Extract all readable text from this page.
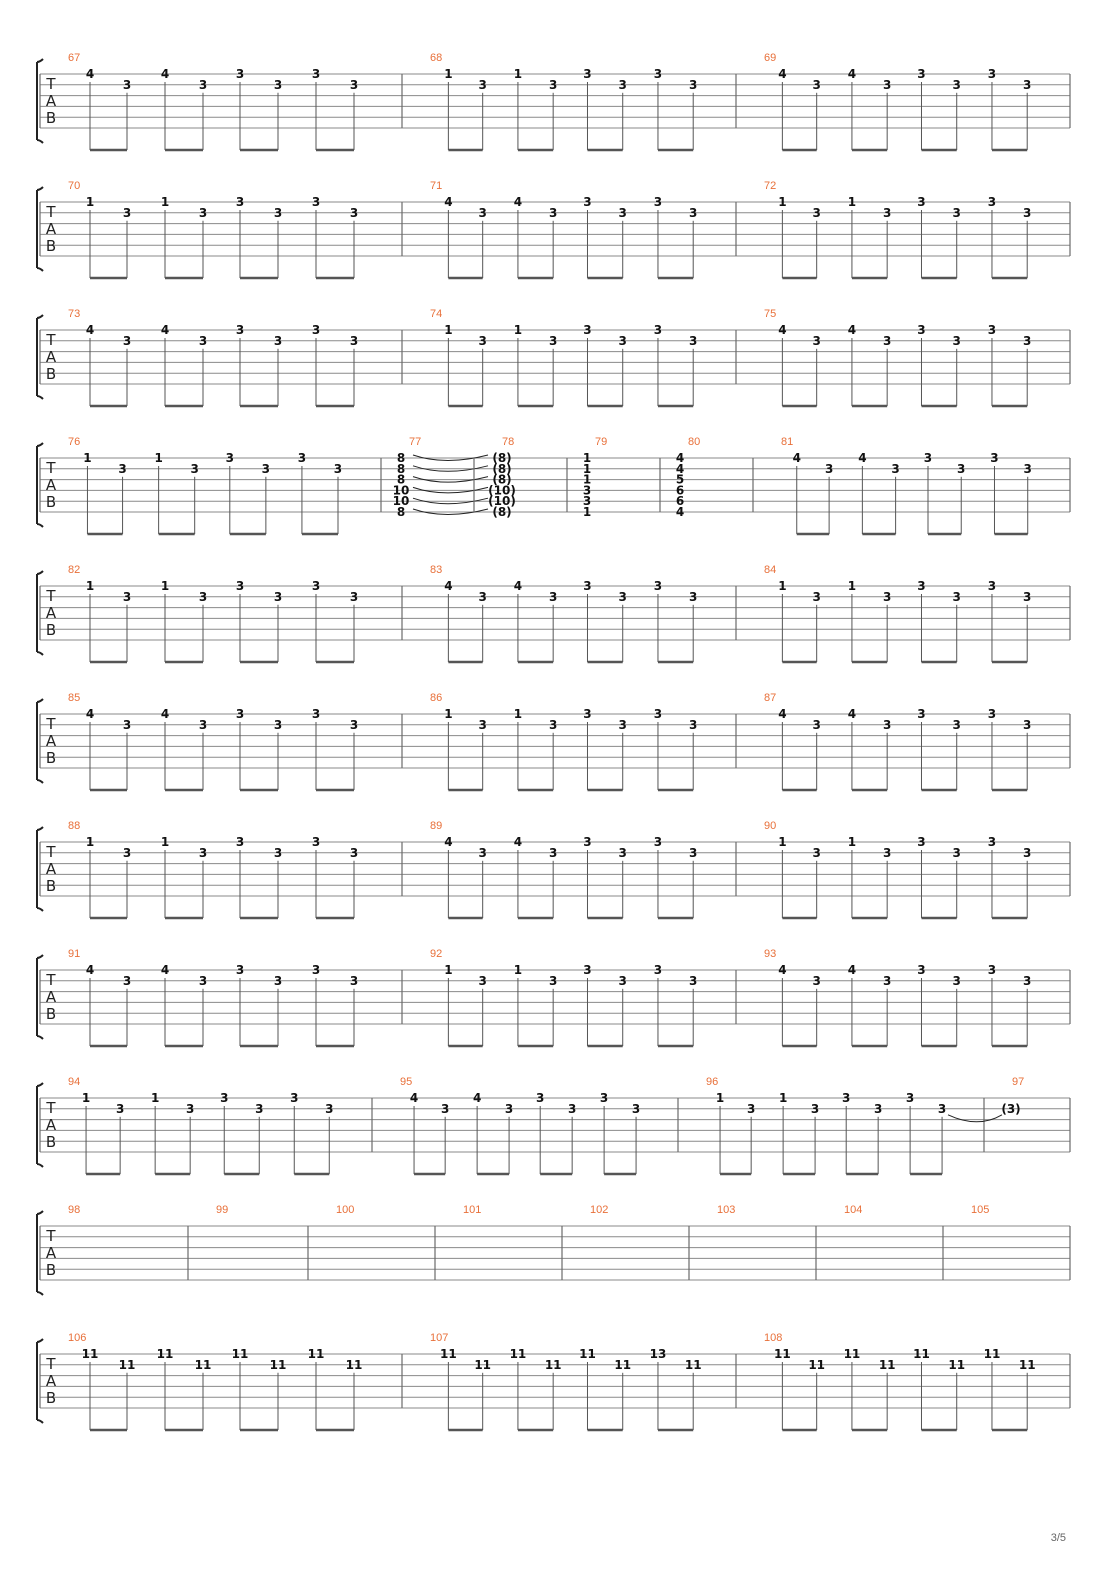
T
A
B
67
4
3
4
3
3
3
3
3
68
1
3
1
3
3
3
3
3
69
4
3
4
3
3
3
3
3
T
A
B
70
1
3
1
3
3
3
3
3
71
4
3
4
3
3
3
3
3
72
1
3
1
3
3
3
3
3
T
A
B
73
4
3
4
3
3
3
3
3
74
1
3
1
3
3
3
3
3
75
4
3
4
3
3
3
3
3
T
A
B
76
1
3
1
3
3
3
3
3
77
8
8
8
10
10
8
78
(8)
(8)
(8)
(10)
(10)
(8)
79
1
1
1
3
3
1
80
4
4
5
6
6
4
81
4
3
4
3
3
3
3
3
T
A
B
82
1
3
1
3
3
3
3
3
83
4
3
4
3
3
3
3
3
84
1
3
1
3
3
3
3
3
T
A
B
85
4
3
4
3
3
3
3
3
86
1
3
1
3
3
3
3
3
87
4
3
4
3
3
3
3
3
T
A
B
88
1
3
1
3
3
3
3
3
89
4
3
4
3
3
3
3
3
90
1
3
1
3
3
3
3
3
T
A
B
91
4
3
4
3
3
3
3
3
92
1
3
1
3
3
3
3
3
93
4
3
4
3
3
3
3
3
T
A
B
94
1
3
1
3
3
3
3
3
95
4
3
4
3
3
3
3
3
96
1
3
1
3
3
3
3
3
97
(3)
T
A
B
98	99	100	101	102	103	104	105
T
A
B
106
11
11
11
11
11
11
11
11
107
11
11
11
11
11
11
13
11
108
11
11
11
11
11
11
11
11
3/5
